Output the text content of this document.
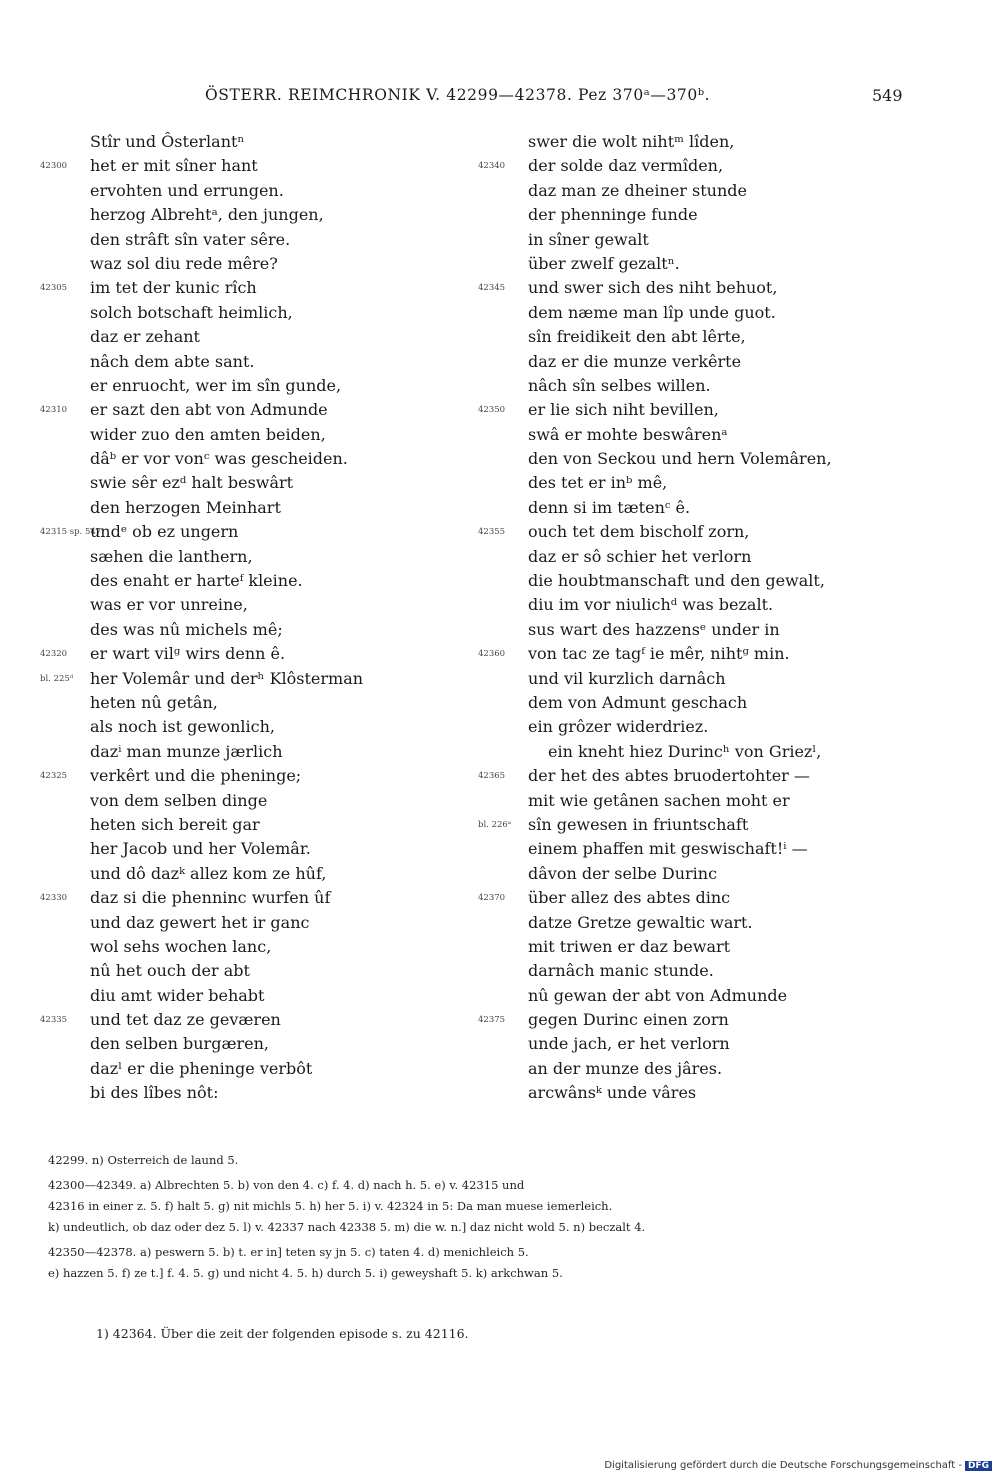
ÖSTERR. REIMCHRONIK V. 42299—42378. Pez 370ᵃ—370ᵇ.	549
Stîr und Ôsterlantⁿ
42300	het er mit sîner hant
ervohten und errungen.
herzog Albrehtᵃ, den jungen,
den strâft sîn vater sêre.
waz sol diu rede mêre?
42305	im tet der kunic rîch
solch botschaft heimlich,
daz er zehant
nâch dem abte sant.
er enruocht, wer im sîn gunde,
42310	er sazt den abt von Admunde
wider zuo den amten beiden,
dâᵇ er vor vonᶜ was gescheiden.
swie sêr ezᵈ halt beswârt
den herzogen Meinhart
42315 sp. 547
undᵉ ob ez ungern
sæhen die lanthern,
des enaht er harteᶠ kleine.
was er vor unreine,
des was nû michels mê;
42320	er wart vilᵍ wirs denn ê.
bl. 225ᵈ	her Volemâr und derʰ Klôsterman
heten nû getân,
als noch ist gewonlich,
dazⁱ man munze jærlich
42325	verkêrt und die pheninge;
von dem selben dinge
heten sich bereit gar
her Jacob und her Volemâr.
und dô dazᵏ allez kom ze hûf,
42330	daz si die phenninc wurfen ûf
und daz gewert het ir ganc
wol sehs wochen lanc,
nû het ouch der abt
diu amt wider behabt
42335	und tet daz ze geværen
den selben burgæren,
dazˡ er die pheninge verbôt
bi des lîbes nôt:
swer die wolt nihtᵐ lîden,
42340	der solde daz vermîden,
daz man ze dheiner stunde
der phenninge funde
in sîner gewalt
über zwelf gezaltⁿ.
42345	und swer sich des niht behuot,
dem næme man lîp unde guot.
sîn freidikeit den abt lêrte,
daz er die munze verkêrte
nâch sîn selbes willen.
42350	er lie sich niht bevillen,
swâ er mohte beswârenᵃ
den von Seckou und hern Volemâren,
des tet er inᵇ mê,
denn si im tætenᶜ ê.
42355	ouch tet dem bischolf zorn,
daz er sô schier het verlorn
die houbtmanschaft und den gewalt,
diu im vor niulichᵈ was bezalt.
sus wart des hazzensᵉ under in
42360	von tac ze tagᶠ ie mêr, nihtᵍ min.
und vil kurzlich darnâch
dem von Admunt geschach
ein grôzer widerdriez.
ein kneht hiez Durincʰ von Griezˡ,
42365	der het des abtes bruodertohter —
mit wie getânen sachen moht er
bl. 226ᵃ	sîn gewesen in friuntschaft
einem phaffen mit geswischaft!ⁱ —
dâvon der selbe Durinc
42370	über allez des abtes dinc
datze Gretze gewaltic wart.
mit triwen er daz bewart
darnâch manic stunde.
nû gewan der abt von Admunde
42375	gegen Durinc einen zorn
unde jach, er het verlorn
an der munze des jâres.
arcwânsᵏ unde vâres
42299. n) Osterreich de laund 5.
42300—42349. a) Albrechten 5. b) von den 4. c) f. 4. d) nach h. 5. e) v. 42315 und
42316 in einer z. 5. f) halt 5. g) nit michls 5. h) her 5. i) v. 42324 in 5: Da man muese iemerleich.
k) undeutlich, ob daz oder dez 5. l) v. 42337 nach 42338 5. m) die w. n.] daz nicht wold 5. n) beczalt 4.
42350—42378. a) peswern 5. b) t. er in] teten sy jn 5. c) taten 4. d) menichleich 5.
e) hazzen 5. f) ze t.] f. 4. 5. g) und nicht 4. 5. h) durch 5. i) geweyshaft 5. k) arkchwan 5.
1) 42364. Über die zeit der folgenden episode s. zu 42116.
Digitalisierung gefördert durch die Deutsche Forschungsgemeinschaft - DFG
